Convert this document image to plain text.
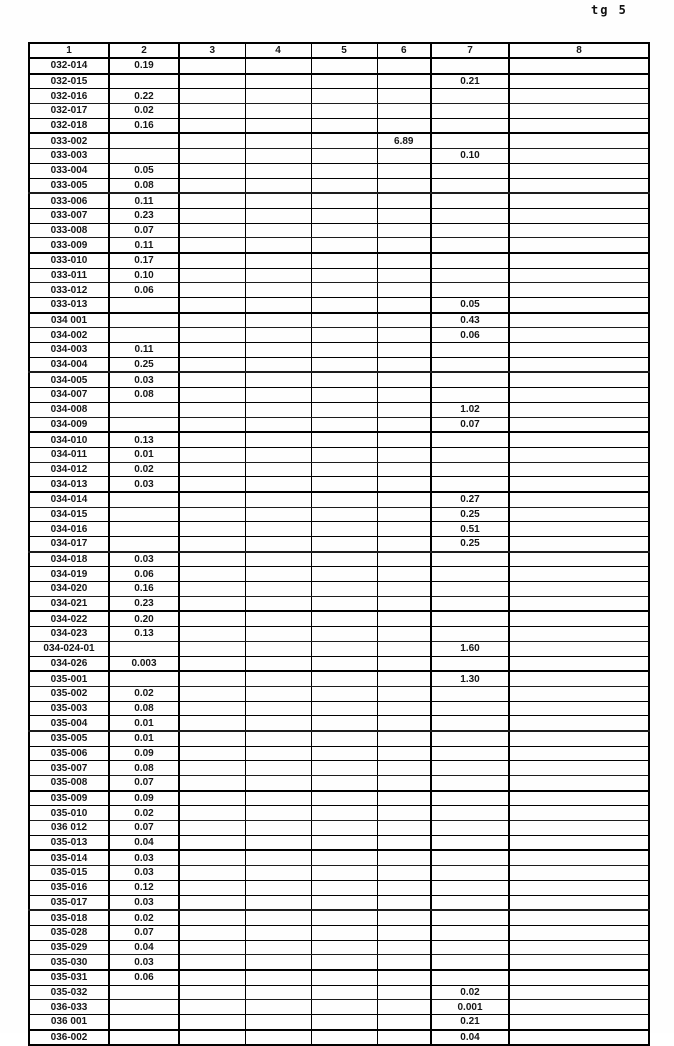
tg 5
1	2	3	4	5	6	7	8
032-014	0.19						
032-015						0.21	
032-016	0.22						
032-017	0.02						
032-018	0.16						
033-002					6.89		
033-003						0.10	
033-004	0.05						
033-005	0.08						
033-006	0.11						
033-007	0.23						
033-008	0.07						
033-009	0.11						
033-010	0.17						
033-011	0.10						
033-012	0.06						
033-013						0.05	
034 001						0.43	
034-002						0.06	
034-003	0.11						
034-004	0.25						
034-005	0.03						
034-007	0.08						
034-008						1.02	
034-009						0.07	
034-010	0.13						
034-011	0.01						
034-012	0.02						
034-013	0.03						
034-014						0.27	
034-015						0.25	
034-016						0.51	
034-017						0.25	
034-018	0.03						
034-019	0.06						
034-020	0.16						
034-021	0.23						
034-022	0.20						
034-023	0.13						
034-024-01						1.60	
034-026	0.003						
035-001						1.30	
035-002	0.02						
035-003	0.08						
035-004	0.01						
035-005	0.01						
035-006	0.09						
035-007	0.08						
035-008	0.07						
035-009	0.09						
035-010	0.02						
036 012	0.07						
035-013	0.04						
035-014	0.03						
035-015	0.03						
035-016	0.12						
035-017	0.03						
035-018	0.02						
035-028	0.07						
035-029	0.04						
035-030	0.03						
035-031	0.06						
035-032						0.02	
036-033						0.001	
036 001						0.21	
036-002						0.04	
